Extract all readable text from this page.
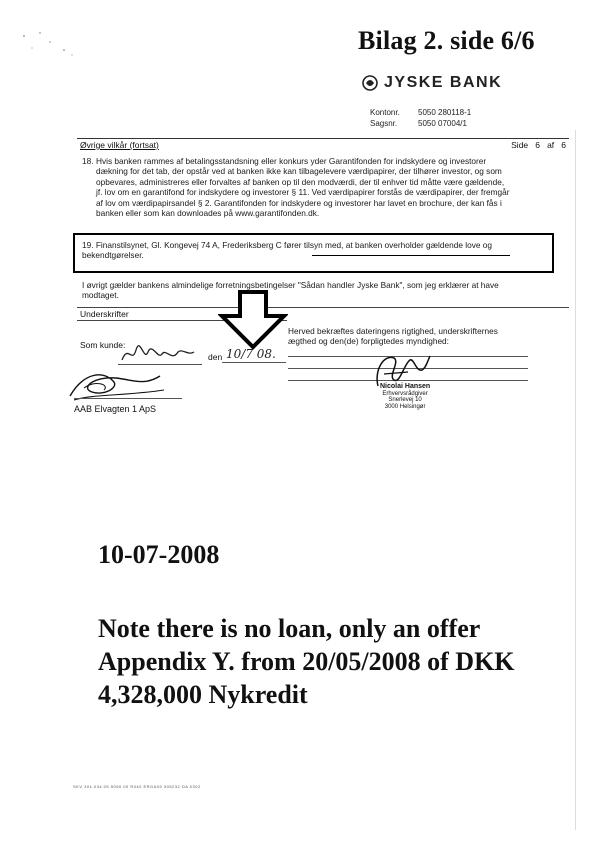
Bilag 2. side 6/6
JYSKE BANK
Kontonr.	5050 280118-1
Sagsnr.	5050 07004/1
Øvrige vilkår (fortsat)	Side 6 af 6
18. Hvis banken rammes af betalingsstandsning eller konkurs yder Garantifonden for indskydere og investorer dækning for det tab, der opstår ved at banken ikke kan tilbagelevere værdipapirer, der tilhører investor, og som opbevares, administreres eller forvaltes af banken op til den modværdi, der til enhver tid måtte være gældende, jf. lov om en garantifond for indskydere og investorer § 11. Ved værdipapirer forstås de værdipapirer, der fremgår af lov om værdipapirsandel § 2. Garantifonden for indskydere og investorer har lavet en brochure, der kan fås i banken eller som kan downloades på www.garantifonden.dk.
19. Finanstilsynet, Gl. Kongevej 74 A, Frederiksberg C fører tilsyn med, at banken overholder gældende love og bekendtgørelser.
I øvrigt gælder bankens almindelige forretningsbetingelser "Sådan handler Jyske Bank", som jeg erklærer at have modtaget.
Underskrifter
Som kunde:
den 10/7 08.
Herved bekræftes dateringens rigtighed, underskrifternes ægthed og den(de) forpligtedes myndighed:
AAB Elvagten 1 ApS
Nicolai Hansen
Erhvervsrådgiver
Snerlevej 10
3000 Helsingør
10-07-2008
Note there is no loan, only an offer Appendix Y. from 20/05/2008 of DKK 4,328,000 Nykredit
SKV 301.034.05 5050 00 R040 ERGA09 305232 DA 0302
